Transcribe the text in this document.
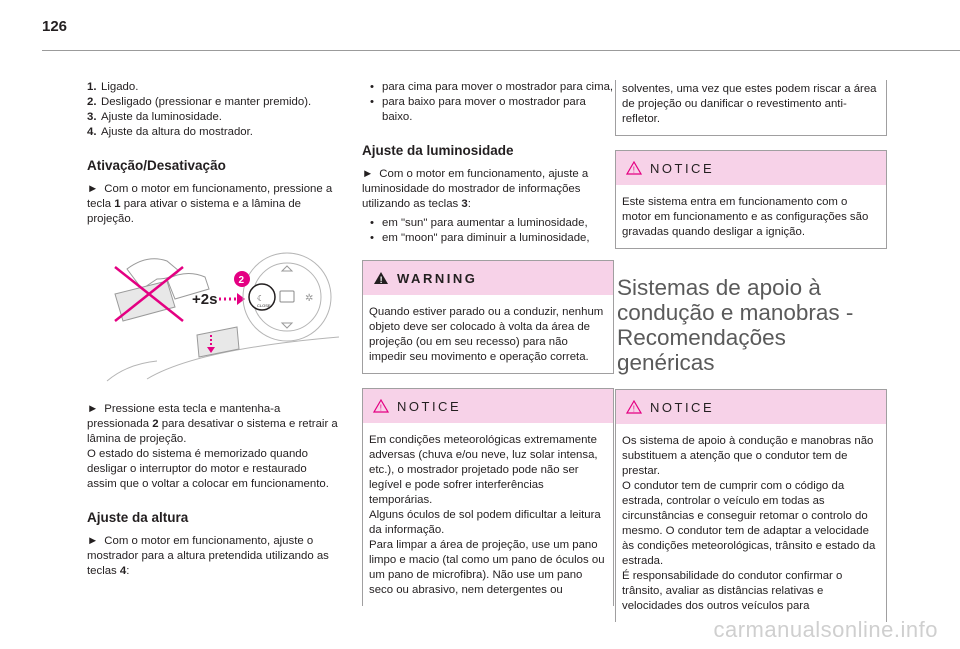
126
1. Ligado.
2. Desligado (pressionar e manter premido).
3. Ajuste da luminosidade.
4. Ajuste da altura do mostrador.
Ativação/Desativação

► Com o motor em funcionamento, pressione a tecla 1 para ativar o sistema e a lâmina de projeção.

+2s	☾
CLOSE
✲
2

► Pressione esta tecla e mantenha-a pressionada 2 para desativar o sistema e retrair a lâmina de projeção.
O estado do sistema é memorizado quando desligar o interruptor do motor e restaurado assim que o voltar a colocar em funcionamento.

Ajuste da altura

► Com o motor em funcionamento, ajuste o mostrador para a altura pretendida utilizando as teclas 4:

• para cima para mover o mostrador para cima,
• para baixo para mover o mostrador para baixo.
Ajuste da luminosidade

► Com o motor em funcionamento, ajuste a luminosidade do mostrador de informações utilizando as teclas 3:

• em "sun" para aumentar a luminosidade,
• em "moon" para diminuir a luminosidade,
! WARNING
Quando estiver parado ou a conduzir, nenhum objeto deve ser colocado à volta da área de projeção (ou em seu recesso) para não impedir seu movimento e operação correta.
! NOTICE
Em condições meteorológicas extremamente adversas (chuva e/ou neve, luz solar intensa, etc.), o mostrador projetado pode não ser legível e pode sofrer interferências temporárias.
Alguns óculos de sol podem dificultar a leitura da informação.
Para limpar a área de projeção, use um pano limpo e macio (tal como um pano de óculos ou um pano de microfibra). Não use um pano seco ou abrasivo, nem detergentes ou
solventes, uma vez que estes podem riscar a área de projeção ou danificar o revestimento anti-refletor.
! NOTICE
Este sistema entra em funcionamento com o motor em funcionamento e as configurações são gravadas quando desligar a ignição.
Sistemas de apoio à condução e manobras - Recomendações genéricas
! NOTICE
Os sistema de apoio à condução e manobras não substituem a atenção que o condutor tem de prestar.
O condutor tem de cumprir com o código da estrada, controlar o veículo em todas as circunstâncias e conseguir retomar o controlo do mesmo. O condutor tem de adaptar a velocidade às condições meteorológicas, trânsito e estado da estrada.
É responsabilidade do condutor confirmar o trânsito, avaliar as distâncias relativas e velocidades dos outros veículos para
carmanualsonline.info
